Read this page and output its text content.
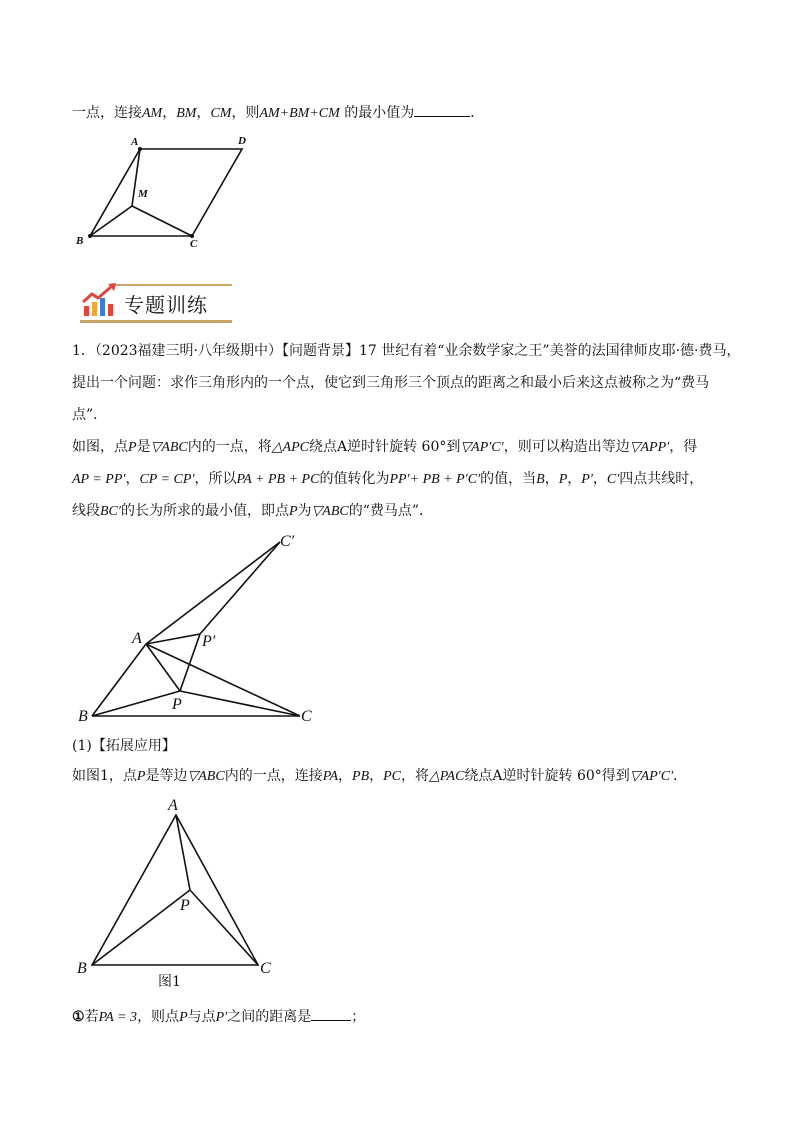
一点，连接AM，BM，CM，则AM+BM+CM 的最小值为	．
A	D
M
B	C
专题训练
1．（2023福建三明·八年级期中）【问题背景】17 世纪有着“业余数学家之王”美誉的法国律师皮耶·德·费马，
提出一个问题：求作三角形内的一个点，使它到三角形三个顶点的距离之和最小后来这点被称之为“费马
点”．
如图，点P是▽ABC内的一点，将△APC绕点A逆时针旋转 60°到▽AP′C′，则可以构造出等边▽APP′，得
AP = PP′，CP = CP′，所以PA + PB + PC的值转化为PP′+ PB + P′C′的值，当B，P，P′，C′四点共线时，
线段BC′的长为所求的最小值，即点P为▽ABC的“费马点”．
C′
A	P′
P
B	C
(1)【拓展应用】
如图1，点P是等边▽ABC内的一点，连接PA，PB，PC，将△PAC绕点A逆时针旋转 60°得到▽AP′C′．
A
P
B	C
图1
①若PA = 3，则点P与点P′之间的距离是	；
